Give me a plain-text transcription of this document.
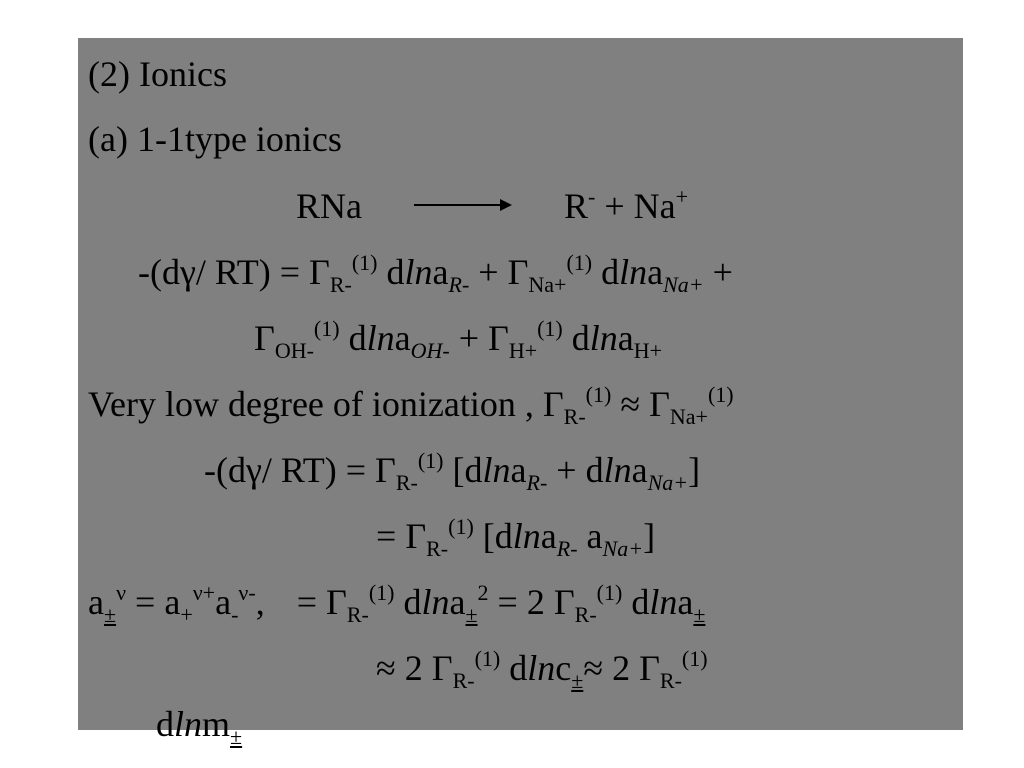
(2) Ionics
(a) 1-1type ionics
RNa	R- + Na+
-(dγ/ $RT) = \Gamma_{R-}^{(1)}$ $dlna_{R-} + \Gamma_{Na+}^{(1)}$ dlna$_{Na+}$ +
$\Gamma_{OH-}^{(1)}$ $dlna_{OH-} + \Gamma_{H+}^{(1)}$ dlna$_{H+}$
Very low degree of ionization , $\Gamma_{R-}^{(1)} \approx \Gamma_{Na+}^{(1)}$
-(dγ/ $RT) = \Gamma_{R-}^{(1)}$ [dlna$_{R-}$ + dlna$_{Na+}$]
= $\Gamma_{R-}^{(1)}$ [dlna$_{R-}$ $a_{Na+}$]
$a_\pm^\nu = a_+^{\nu+}a_-^{\nu-}$, = $\Gamma_{R-}^{(1)}$ dlna$_\pm^2$ = 2 $\Gamma_{R-}^{(1)}$ dlna$_\pm$
≈ 2 $\Gamma_{R-}^{(1)}$ dlnc$_\pm$≈ 2 $\Gamma_{R-}^{(1)}$
dlnm$_\pm$
